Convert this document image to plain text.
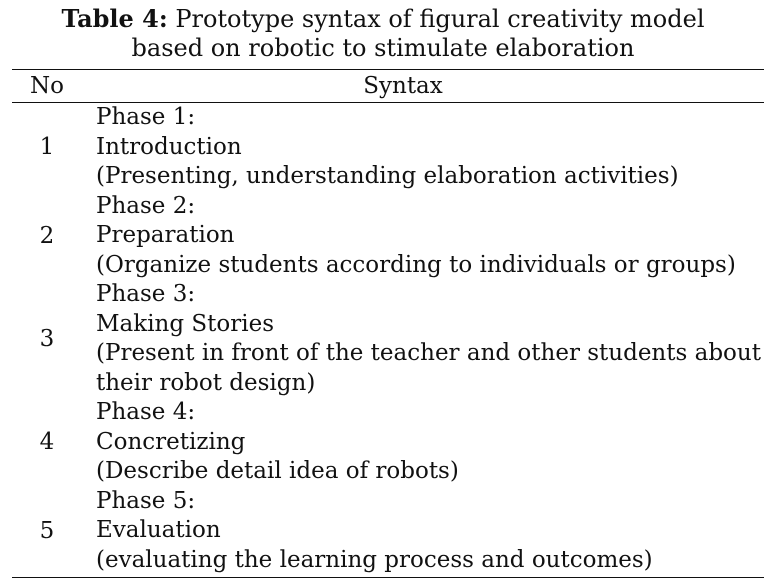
Table 4: Prototype syntax of figural creativity model
based on robotic to stimulate elaboration
No	Syntax
1	Phase 1:
Introduction
(Presenting, understanding elaboration activities)

2	Phase 2:
Preparation
(Organize students according to individuals or groups)

3	Phase 3:
Making Stories
(Present in front of the teacher and other students about
their robot design)

4	Phase 4:
Concretizing
(Describe detail idea of robots)

5	Phase 5:
Evaluation
(evaluating the learning process and outcomes)
